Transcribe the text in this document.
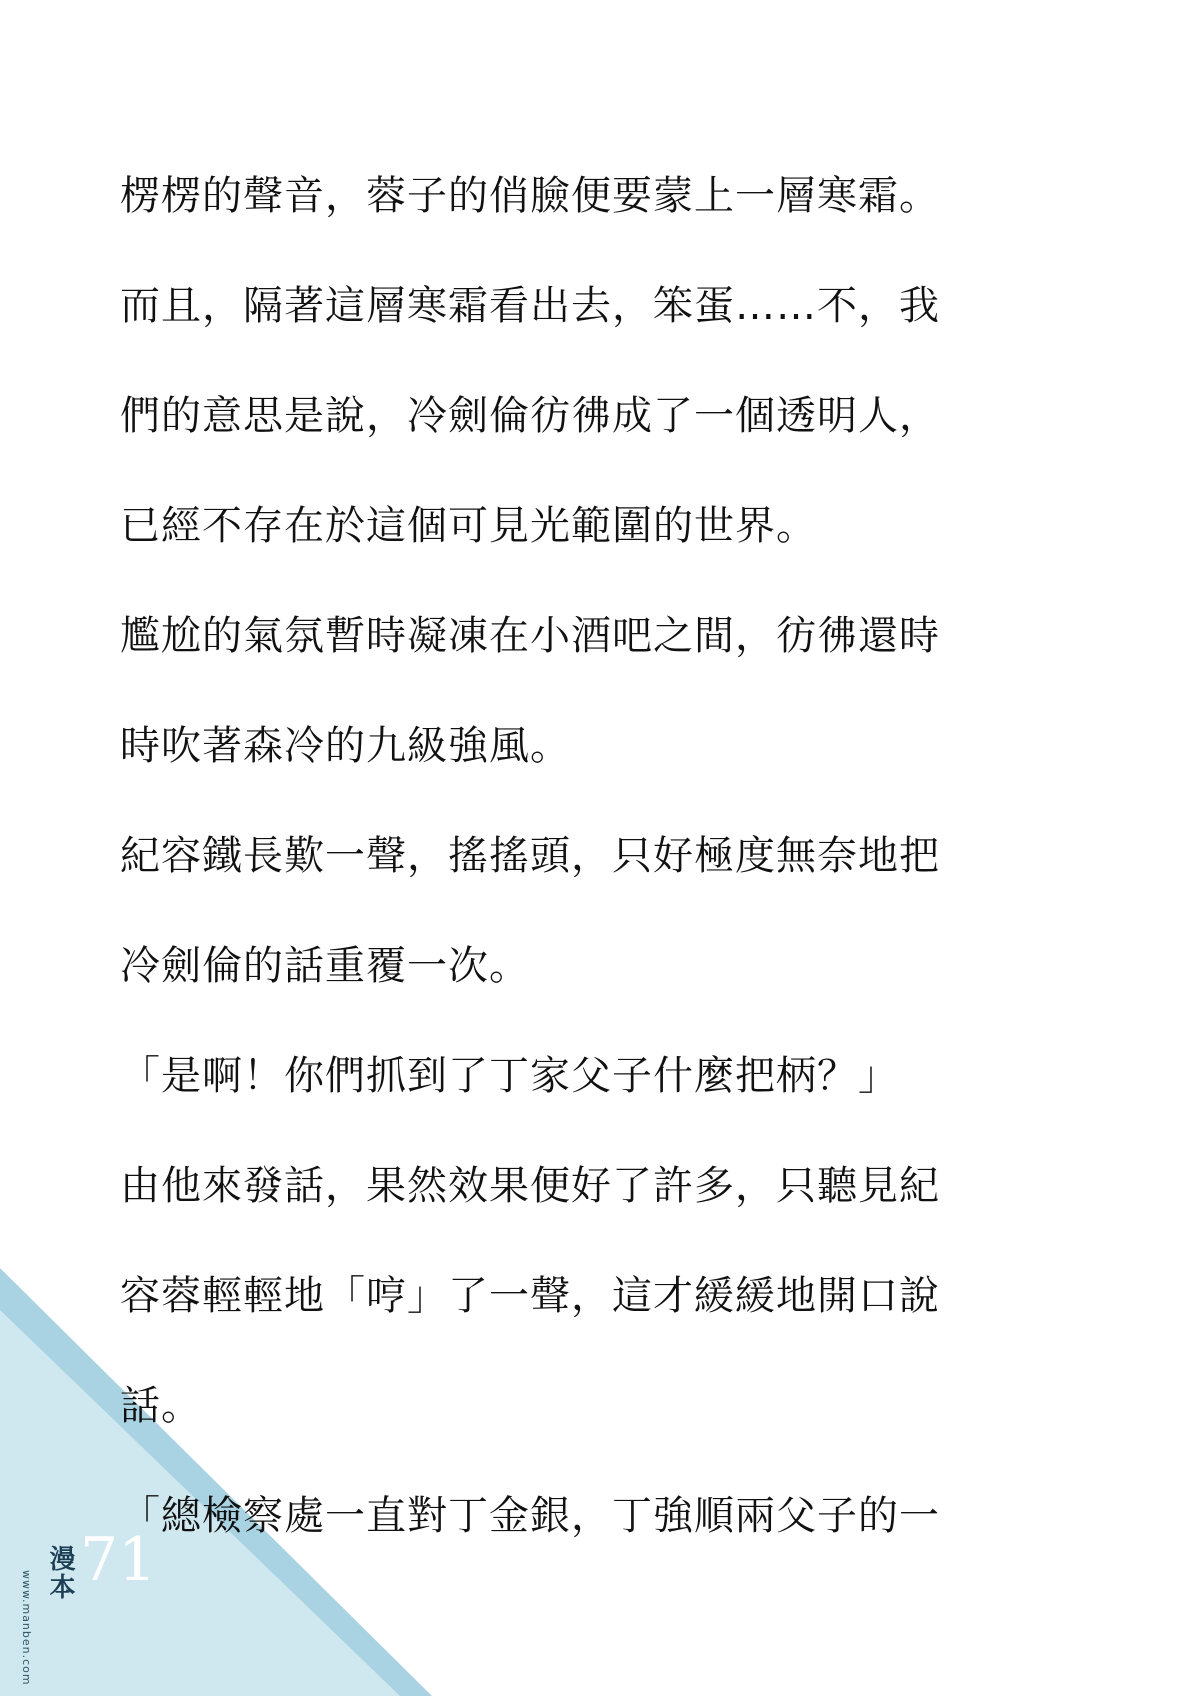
楞楞的聲音，蓉子的俏臉便要蒙上一層寒霜。
而且，隔著這層寒霜看出去，笨蛋……不，我
們的意思是說，冷劍倫彷彿成了一個透明人，
已經不存在於這個可見光範圍的世界。
尷尬的氣氛暫時凝凍在小酒吧之間，彷彿還時
時吹著森冷的九級強風。
紀容鐵長歎一聲，搖搖頭，只好極度無奈地把
冷劍倫的話重覆一次。
「是啊！你們抓到了丁家父子什麼把柄？」
由他來發話，果然效果便好了許多，只聽見紀
容蓉輕輕地「哼」了一聲，這才緩緩地開口說
話。
「總檢察處一直對丁金銀，丁強順兩父子的一
71
www.manben.com 漫本
